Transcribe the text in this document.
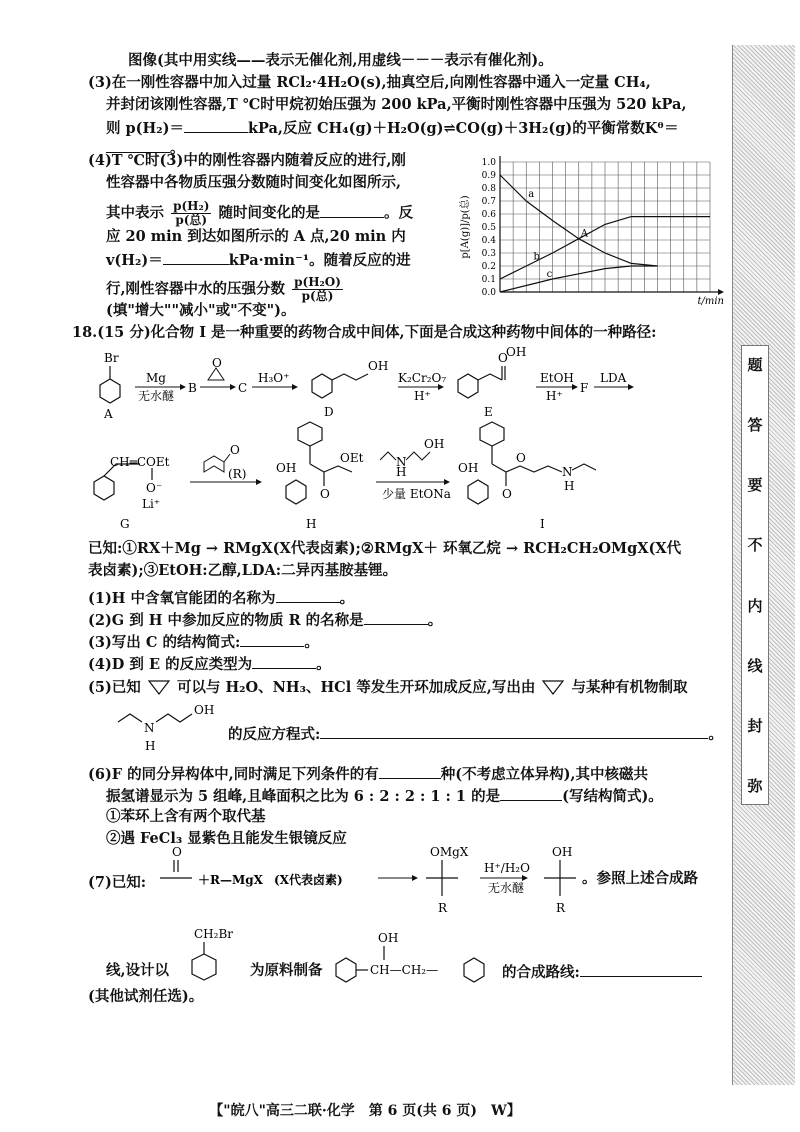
题
答
要
不
内
线
封
弥
图像(其中用实线——表示无催化剂,用虚线－－－表示有催化剂)。
(3)在一刚性容器中加入过量 RCl₂·4H₂O(s),抽真空后,向刚性容器中通入一定量 CH₄,
并封闭该刚性容器,T ℃时甲烷初始压强为 200 kPa,平衡时刚性容器中压强为 520 kPa,
则 p(H₂)＝	kPa,反应 CH₄(g)＋H₂O(g)⇌CO(g)＋3H₂(g)的平衡常数Kᶿ＝
。
(4)T ℃时(3)中的刚性容器内随着反应的进行,刚
性容器中各物质压强分数随时间变化如图所示,
其中表示 $\frac{\text{p(H₂)}}{\text{p(总)}}$ 随时间变化的是	。反
应 20 min 到达如图所示的 A 点,20 min 内
v(H₂)＝	kPa·min⁻¹。随着反应的进
行,刚性容器中水的压强分数 $\frac{\text{p(H₂O)}}{\text{p(总)}}$
(填"增大""减小"或"不变")。
0.0
0.1
0.2
0.3
0.4
0.5
0.6
0.7
0.8
0.9
1.0
p[A(g)]/p(总)
t/min
a
b
c
A
18.(15 分)化合物 I 是一种重要的药物合成中间体,下面是合成这种药物中间体的一种路径:
Br
A
Mg
无水醚
B
O
C
H₃O⁺
OH
D
K₂Cr₂O₇
H⁺
O
OH
E
EtOH
H⁺
F
LDA
CH═COEt
O⁻
Li⁺
G
O
(R) OH
O
OEt
H
N
H
OH
少量 EtONa
OH
O
O
N
H
I
已知:①RX＋Mg → RMgX(X代表卤素);②RMgX＋ 环氧乙烷 → RCH₂CH₂OMgX(X代
表卤素);③EtOH:乙醇,LDA:二异丙基胺基锂。
(1)H 中含氧官能团的名称为	。
(2)G 到 H 中参加反应的物质 R 的名称是	。
(3)写出 C 的结构简式:	。
(4)D 到 E 的反应类型为	。
(5)已知 可以与 H₂O、NH₃、HCl 等发生开环加成反应,写出由 与某种有机物制取
N
H
OH
的反应方程式:	。
(6)F 的同分异构体中,同时满足下列条件的有	种(不考虑立体异构),其中核磁共
振氢谱显示为 5 组峰,且峰面积之比为 6 : 2 : 2 : 1 : 1 的是	(写结构简式)。
①苯环上含有两个取代基
②遇 FeCl₃ 显紫色且能发生银镜反应
(7)已知:
O
＋R—MgX (X代表卤素)
OMgX
R
H⁺/H₂O
无水醚
OH
R
。参照上述合成路
CH₂Br
线,设计以	为原料制备
OH
CH—CH₂—	的合成路线:
(其他试剂任选)。
【"皖八"高三二联·化学　第 6 页(共 6 页)　W】
